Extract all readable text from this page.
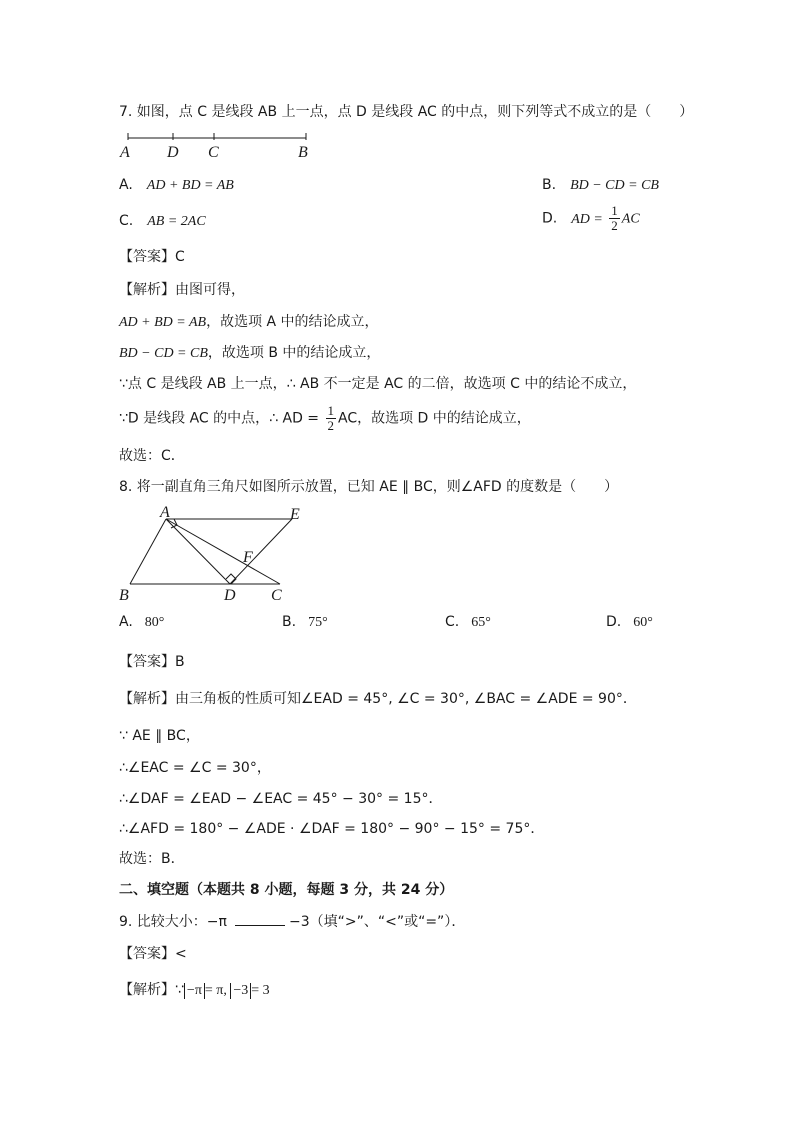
7. 如图，点 C 是线段 AB 上一点，点 D 是线段 AC 的中点，则下列等式不成立的是（　　）
A D C	B
A. AD + BD = AB	B. BD − CD = CB
C. AB = 2AC	D. AD = $\frac{1}{2}$ AC
【答案】C
【解析】由图可得，
AD + BD = AB，故选项 A 中的结论成立，
BD − CD = CB，故选项 B 中的结论成立，
∵点 C 是线段 AB 上一点，∴ AB 不一定是 AC 的二倍，故选项 C 中的结论不成立，
∵D 是线段 AC 的中点，∴ AD = $\frac{1}{2}$ AC，故选项 D 中的结论成立，
故选：C．
8. 将一副直角三角尺如图所示放置，已知 AE ∥ BC，则∠AFD 的度数是（　　）
A	E
F
B	D C
A. 80°	B. 75°	C. 65°	D. 60°
【答案】B
【解析】由三角板的性质可知∠EAD = 45°, ∠C = 30°, ∠BAC = ∠ADE = 90°．
∵ AE ∥ BC，
∴∠EAC = ∠C = 30°，
∴∠DAF = ∠EAD − ∠EAC = 45° − 30° = 15°．
∴∠AFD = 180° − ∠ADE · ∠DAF = 180° − 90° − 15° = 75°．
故选：B．
二、填空题（本题共 8 小题，每题 3 分，共 24 分）
9. 比较大小：−π	−3（填“>”、“<”或“=”）．
【答案】<
【解析】∵ −π = π, −3 = 3
